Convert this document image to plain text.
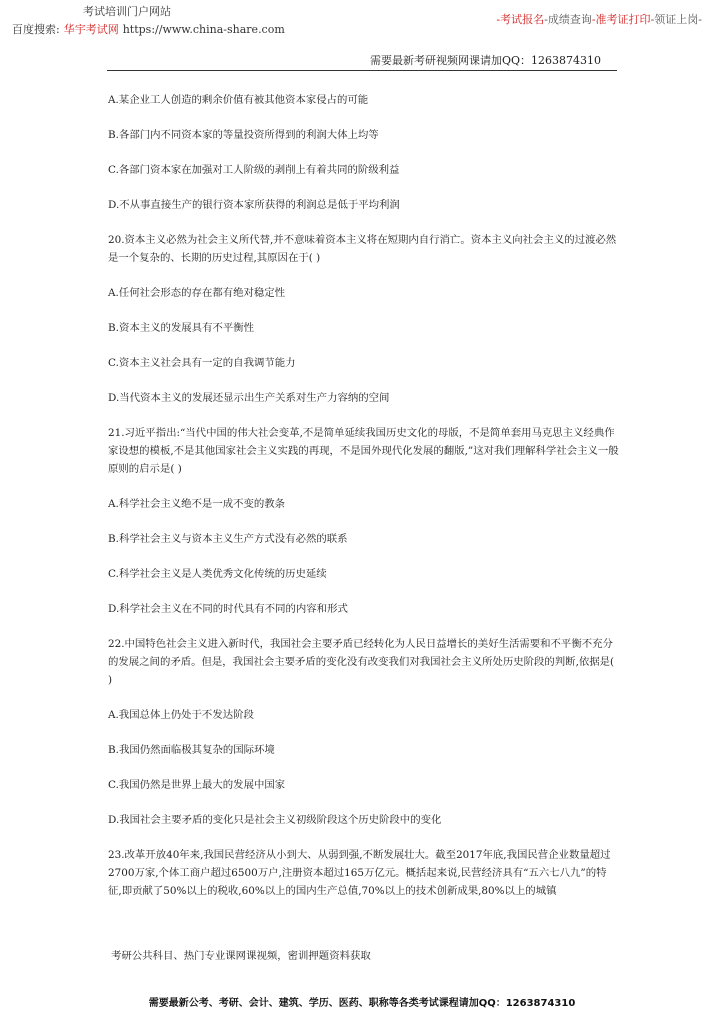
考试培训门户网站
百度搜索: 华宇考试网 https://www.china-share.com
-考试报名-成绩查询-准考证打印-领证上岗-
需要最新考研视频网课请加QQ：1263874310

A.某企业工人创造的剩余价值有被其他资本家侵占的可能

B.各部门内不同资本家的等量投资所得到的利润大体上均等

C.各部门资本家在加强对工人阶级的剥削上有着共同的阶级利益

D.不从事直接生产的银行资本家所获得的利润总是低于平均利润

20.资本主义必然为社会主义所代替,并不意味着资本主义将在短期内自行消亡。资本主义向社会主义的过渡必然是一个复杂的、长期的历史过程,其原因在于( )

A.任何社会形态的存在都有绝对稳定性

B.资本主义的发展具有不平衡性

C.资本主义社会具有一定的自我调节能力

D.当代资本主义的发展还显示出生产关系对生产力容纳的空间

21.习近平指出:“当代中国的伟大社会变革,不是简单延续我国历史文化的母版，不是简单套用马克思主义经典作家设想的模板,不是其他国家社会主义实践的再现，不是国外现代化发展的翻版,”这对我们理解科学社会主义一般原则的启示是( )

A.科学社会主义绝不是一成不变的教条

B.科学社会主义与资本主义生产方式没有必然的联系

C.科学社会主义是人类优秀文化传统的历史延续

D.科学社会主义在不同的时代具有不同的内容和形式

22.中国特色社会主义进入新时代，我国社会主要矛盾已经转化为人民日益增长的美好生活需要和不平衡不充分的发展之间的矛盾。但是，我国社会主要矛盾的变化没有改变我们对我国社会主义所处历史阶段的判断,依据是( )

A.我国总体上仍处于不发达阶段

B.我国仍然面临极其复杂的国际环境

C.我国仍然是世界上最大的发展中国家

D.我国社会主要矛盾的变化只是社会主义初级阶段这个历史阶段中的变化

23.改革开放40年来,我国民营经济从小到大、从弱到强,不断发展壮大。截至2017年底,我国民营企业数量超过2700万家,个体工商户超过6500万户,注册资本超过165万亿元。概括起来说,民营经济具有“五六七八九”的特征,即贡献了50%以上的税收,60%以上的国内生产总值,70%以上的技术创新成果,80%以上的城镇

考研公共科目、热门专业课网课视频，密训押题资料获取
需要最新公考、考研、会计、建筑、学历、医药、职称等各类考试课程请加QQ：1263874310
